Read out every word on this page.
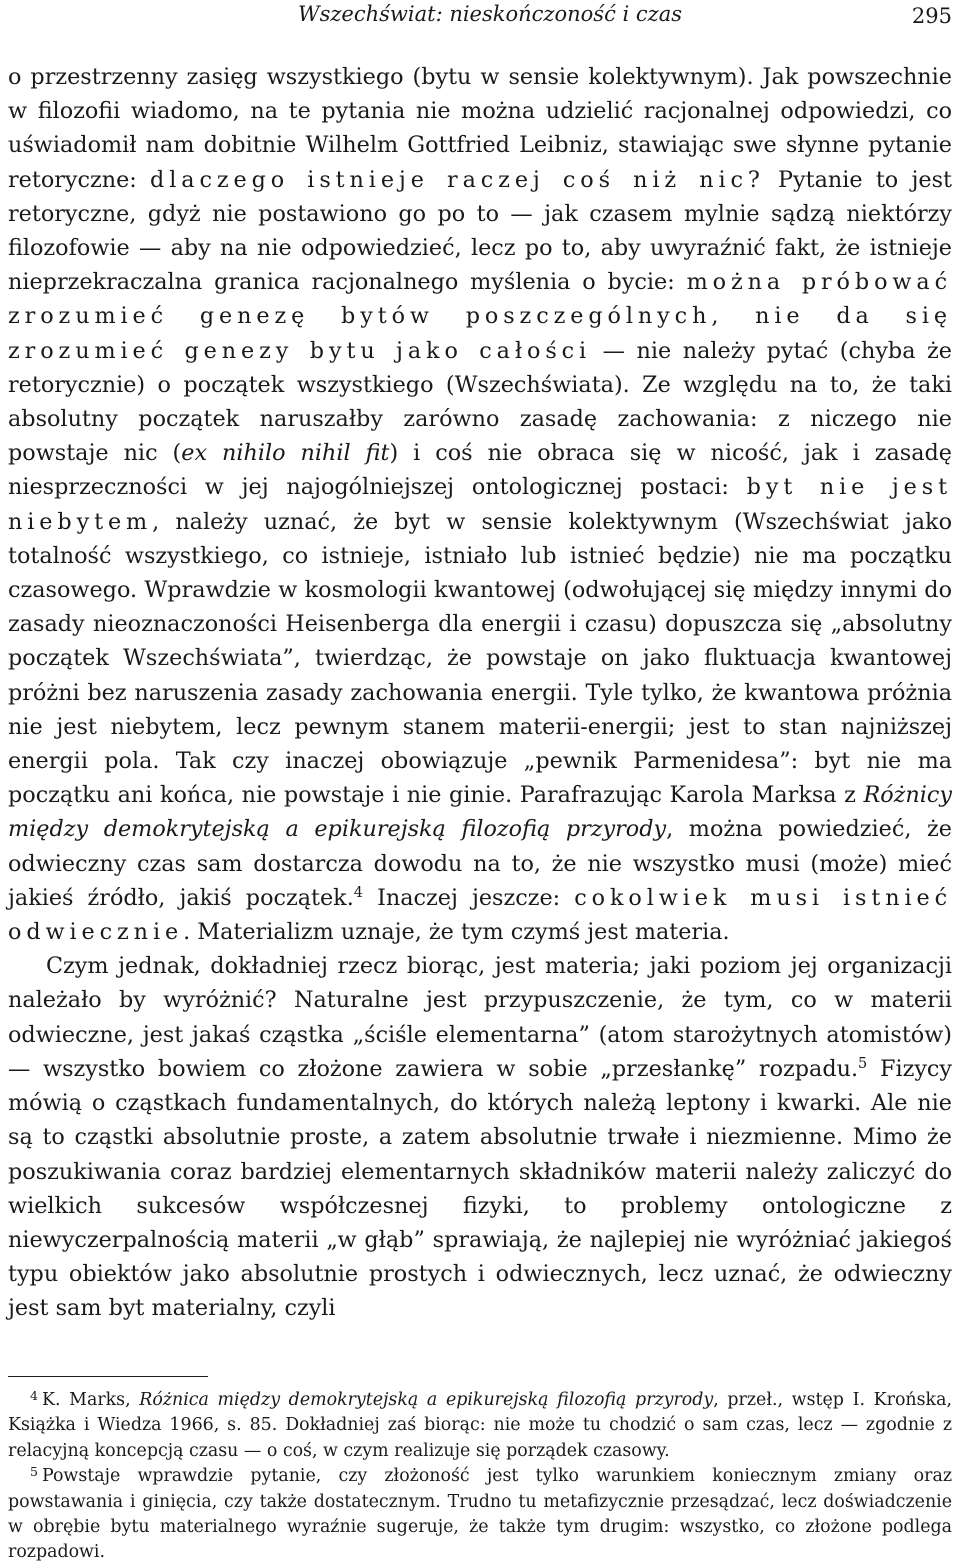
Wszechświat: nieskończoność i czas	295

o przestrzenny zasięg wszystkiego (bytu w sensie kolektywnym). Jak powszechnie w filozofii wiadomo, na te pytania nie można udzielić racjonalnej odpowiedzi, co uświadomił nam dobitnie Wilhelm Gottfried Leibniz, stawiając swe słynne pytanie retoryczne: dlaczego istnieje raczej coś niż nic? Pytanie to jest retoryczne, gdyż nie postawiono go po to — jak czasem mylnie sądzą niektórzy filozofowie — aby na nie odpowiedzieć, lecz po to, aby uwyraźnić fakt, że istnieje nieprzekraczalna granica racjonalnego myślenia o bycie: można próbować zrozumieć genezę bytów poszczególnych, nie da się zrozumieć genezy bytu jako całości — nie należy pytać (chyba że retorycznie) o początek wszystkiego (Wszechświata). Ze względu na to, że taki absolutny początek naruszałby zarówno zasadę zachowania: z niczego nie powstaje nic (ex nihilo nihil fit) i coś nie obraca się w nicość, jak i zasadę niesprzeczności w jej najogólniejszej ontologicznej postaci: byt nie jest niebytem, należy uznać, że byt w sensie kolektywnym (Wszechświat jako totalność wszystkiego, co istnieje, istniało lub istnieć będzie) nie ma początku czasowego. Wprawdzie w kosmologii kwantowej (odwołującej się między innymi do zasady nieoznaczoności Heisenberga dla energii i czasu) dopuszcza się „absolutny początek Wszechświata”, twierdząc, że powstaje on jako fluktuacja kwantowej próżni bez naruszenia zasady zachowania energii. Tyle tylko, że kwantowa próżnia nie jest niebytem, lecz pewnym stanem materii-energii; jest to stan najniższej energii pola. Tak czy inaczej obowiązuje „pewnik Parmenidesa”: byt nie ma początku ani końca, nie powstaje i nie ginie. Parafrazując Karola Marksa z Różnicy między demokrytejską a epikurejską filozofią przyrody, można powiedzieć, że odwieczny czas sam dostarcza dowodu na to, że nie wszystko musi (może) mieć jakieś źródło, jakiś początek.$^4$ Inaczej jeszcze: cokolwiek musi istnieć odwiecznie. Materializm uznaje, że tym czymś jest materia.

Czym jednak, dokładniej rzecz biorąc, jest materia; jaki poziom jej organizacji należało by wyróżnić? Naturalne jest przypuszczenie, że tym, co w materii odwieczne, jest jakaś cząstka „ściśle elementarna” (atom starożytnych atomistów) — wszystko bowiem co złożone zawiera w sobie „przesłankę” rozpadu.$^5$ Fizycy mówią o cząstkach fundamentalnych, do których należą leptony i kwarki. Ale nie są to cząstki absolutnie proste, a zatem absolutnie trwałe i niezmienne. Mimo że poszukiwania coraz bardziej elementarnych składników materii należy zaliczyć do wielkich sukcesów współczesnej fizyki, to problemy ontologiczne z niewyczerpalnością materii „w głąb” sprawiają, że najlepiej nie wyróżniać jakiegoś typu obiektów jako absolutnie prostych i odwiecznych, lecz uznać, że odwieczny jest sam byt materialny, czyli

$^4$ K. Marks, Różnica między demokrytejską a epikurejską filozofią przyrody, przeł., wstęp I. Krońska, Książka i Wiedza 1966, s. 85. Dokładniej zaś biorąc: nie może tu chodzić o sam czas, lecz — zgodnie z relacyjną koncepcją czasu — o coś, w czym realizuje się porządek czasowy.

$^5$ Powstaje wprawdzie pytanie, czy złożoność jest tylko warunkiem koniecznym zmiany oraz powstawania i ginięcia, czy także dostatecznym. Trudno tu metafizycznie przesądzać, lecz doświadczenie w obrębie bytu materialnego wyraźnie sugeruje, że także tym drugim: wszystko, co złożone podlega rozpadowi.
